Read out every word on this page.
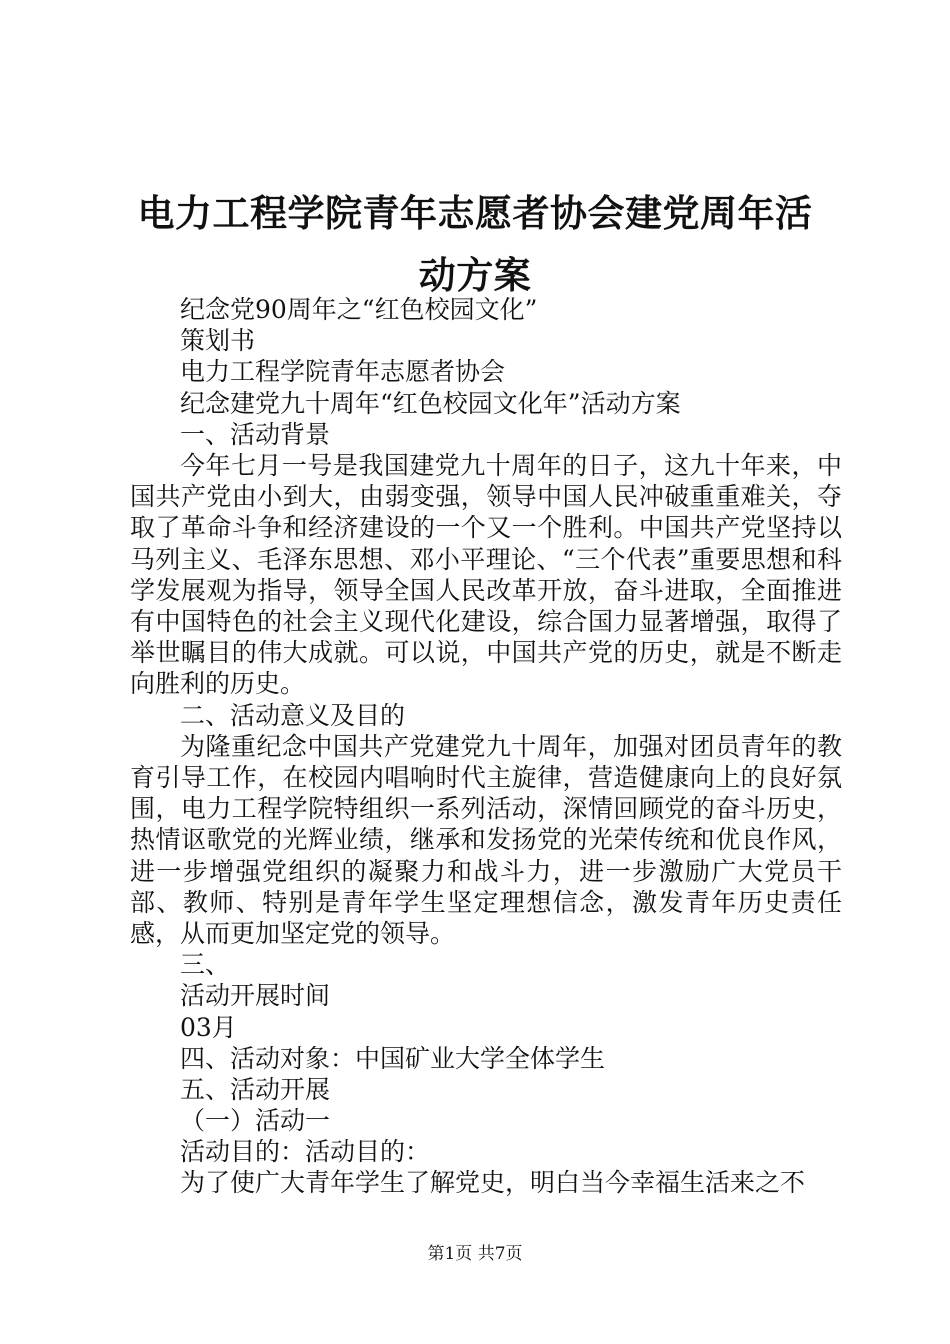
电力工程学院青年志愿者协会建党周年活动方案
纪念党90周年之“红色校园文化”
策划书
电力工程学院青年志愿者协会
纪念建党九十周年“红色校园文化年”活动方案
一、活动背景
今年七月一号是我国建党九十周年的日子，这九十年来，中国共产党由小到大，由弱变强，领导中国人民冲破重重难关，夺取了革命斗争和经济建设的一个又一个胜利。中国共产党坚持以马列主义、毛泽东思想、邓小平理论、“三个代表”重要思想和科学发展观为指导，领导全国人民改革开放，奋斗进取，全面推进有中国特色的社会主义现代化建设，综合国力显著增强，取得了举世瞩目的伟大成就。可以说，中国共产党的历史，就是不断走向胜利的历史。
二、活动意义及目的
为隆重纪念中国共产党建党九十周年，加强对团员青年的教育引导工作，在校园内唱响时代主旋律，营造健康向上的良好氛围，电力工程学院特组织一系列活动，深情回顾党的奋斗历史，热情讴歌党的光辉业绩，继承和发扬党的光荣传统和优良作风，进一步增强党组织的凝聚力和战斗力，进一步激励广大党员干部、教师、特别是青年学生坚定理想信念，激发青年历史责任感，从而更加坚定党的领导。
三、
活动开展时间
03月
四、活动对象：中国矿业大学全体学生
五、活动开展
（一）活动一
活动目的：活动目的：
为了使广大青年学生了解党史，明白当今幸福生活来之不
第1页 共7页
